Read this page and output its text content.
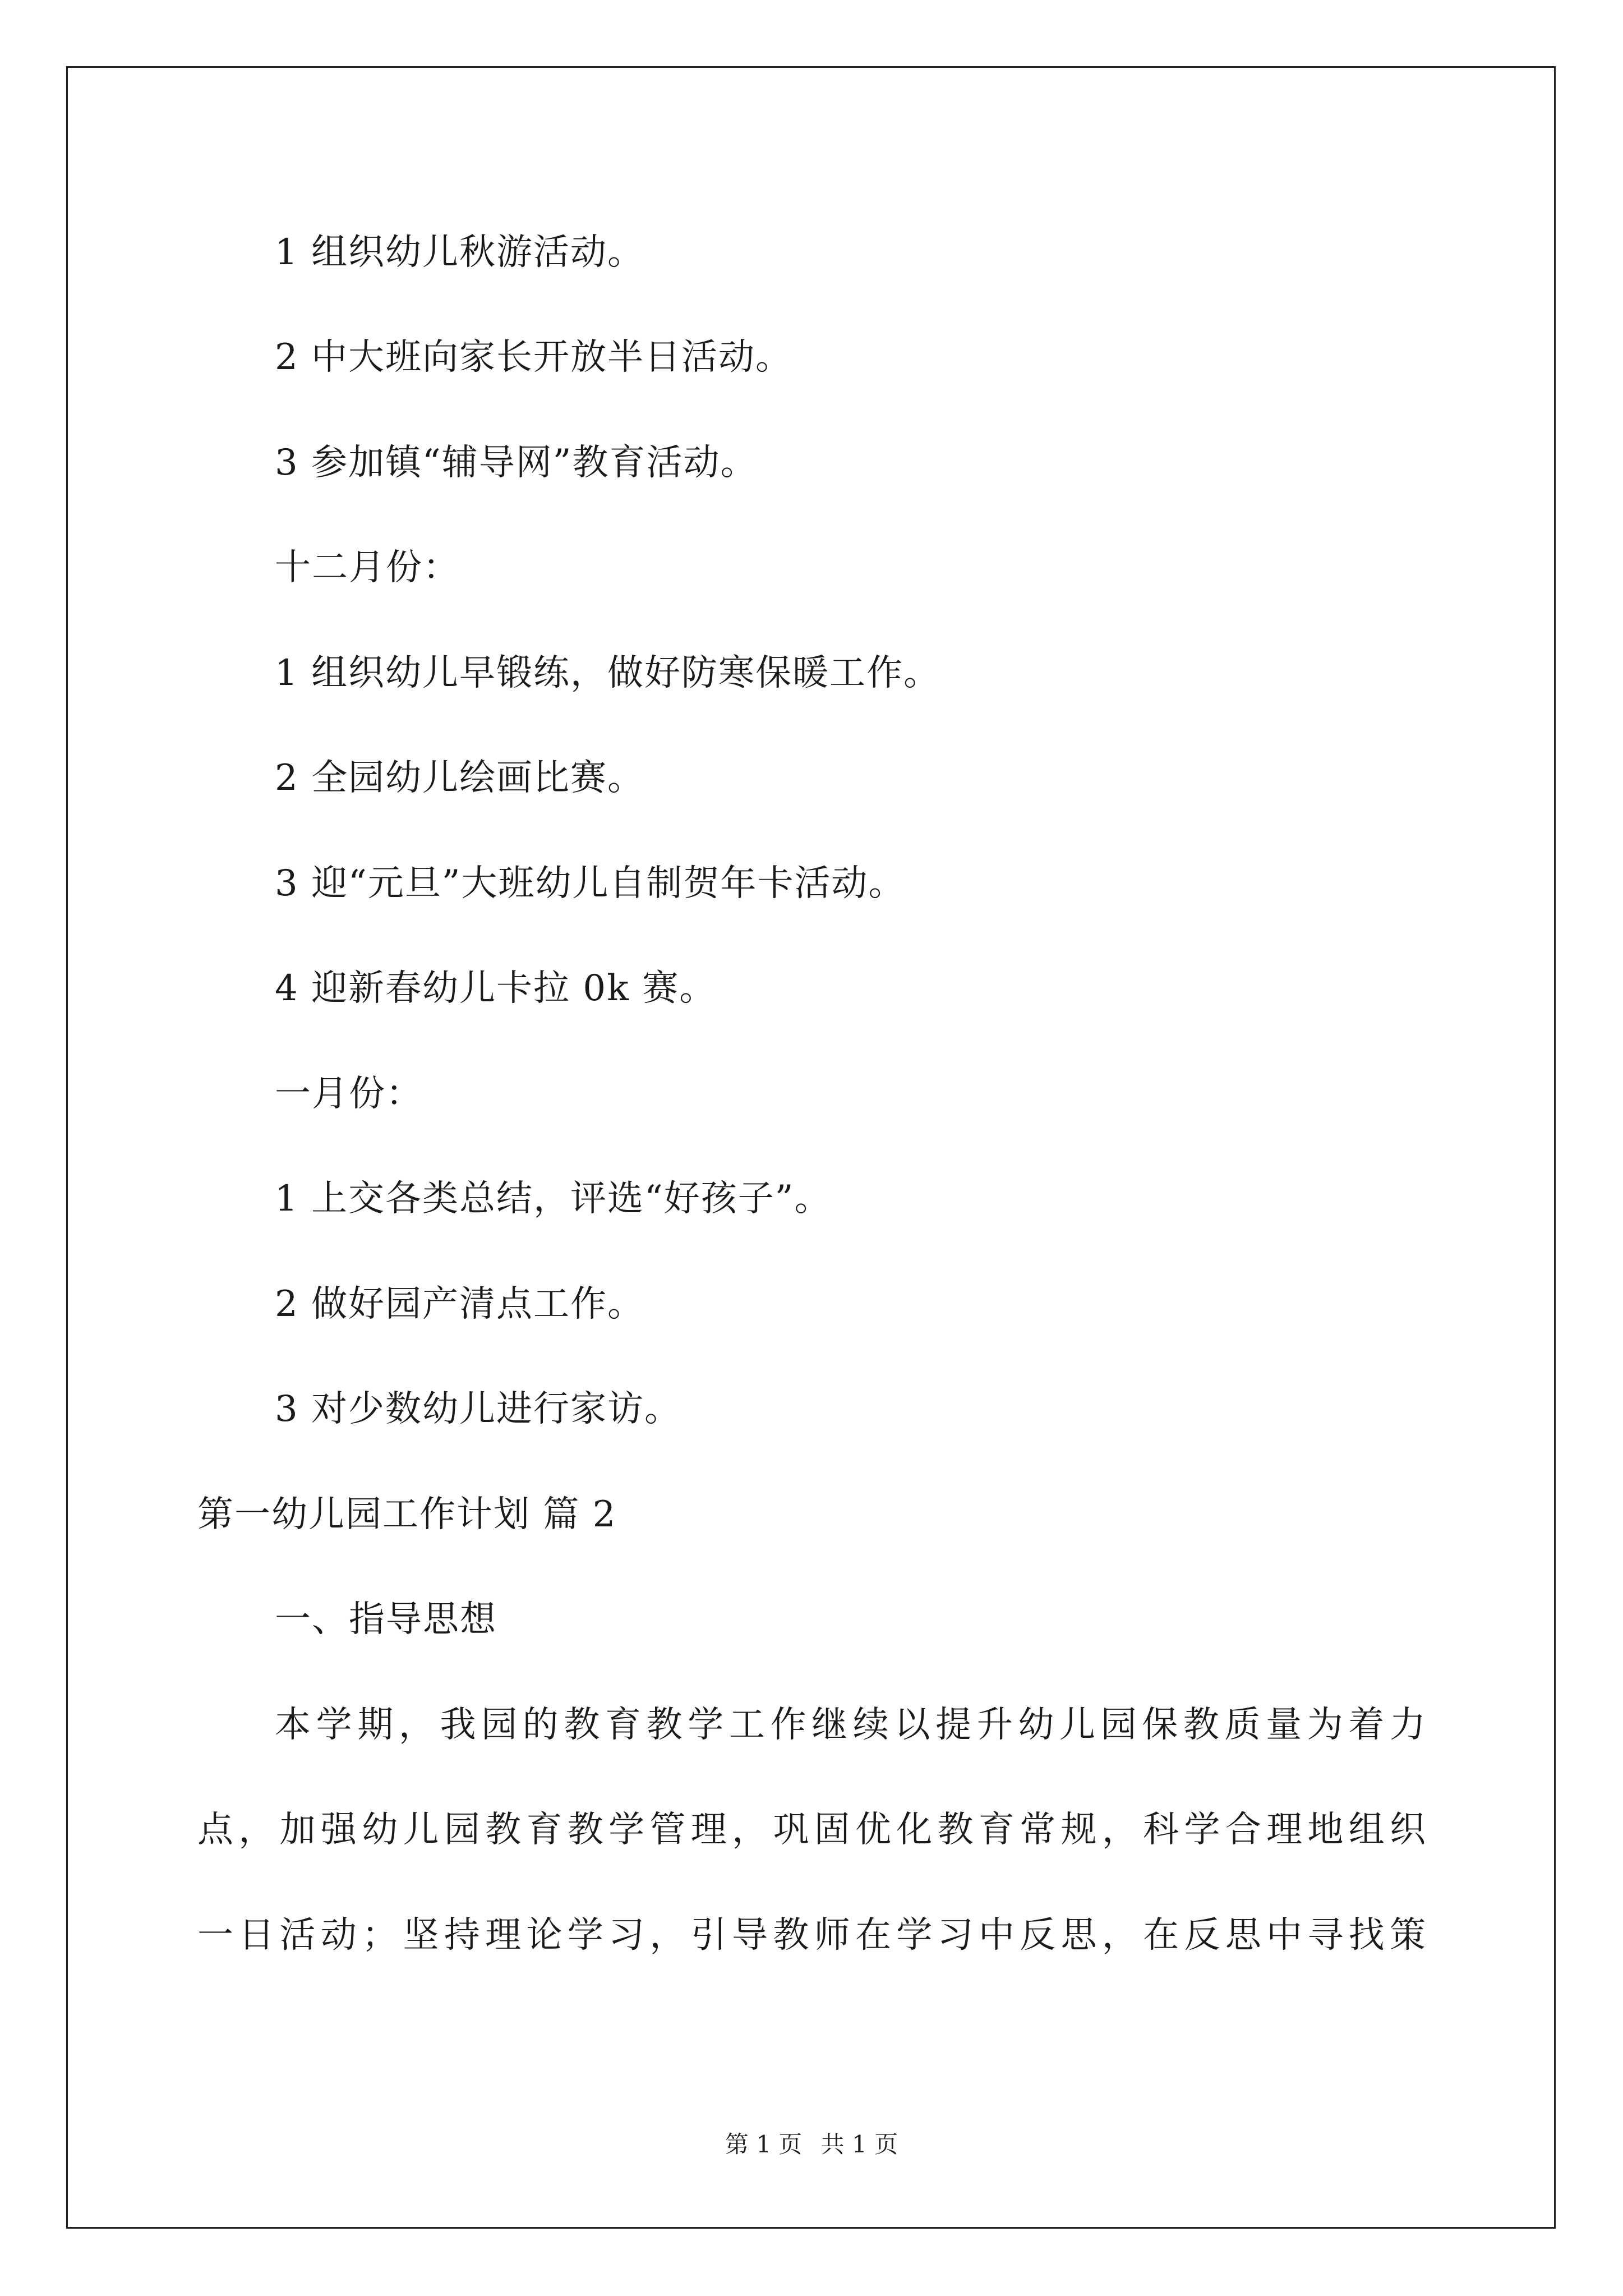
1 组织幼儿秋游活动。
2 中大班向家长开放半日活动。
3 参加镇“辅导网”教育活动。
十二月份：
1 组织幼儿早锻练，做好防寒保暖工作。
2 全园幼儿绘画比赛。
3 迎“元旦”大班幼儿自制贺年卡活动。
4 迎新春幼儿卡拉 0k 赛。
一月份：
1 上交各类总结，评选“好孩子”。
2 做好园产清点工作。
3 对少数幼儿进行家访。
第一幼儿园工作计划 篇 2
一、指导思想
本学期，我园的教育教学工作继续以提升幼儿园保教质量为着力
点，加强幼儿园教育教学管理，巩固优化教育常规，科学合理地组织
一日活动；坚持理论学习，引导教师在学习中反思，在反思中寻找策
第 1 页 共 1 页
